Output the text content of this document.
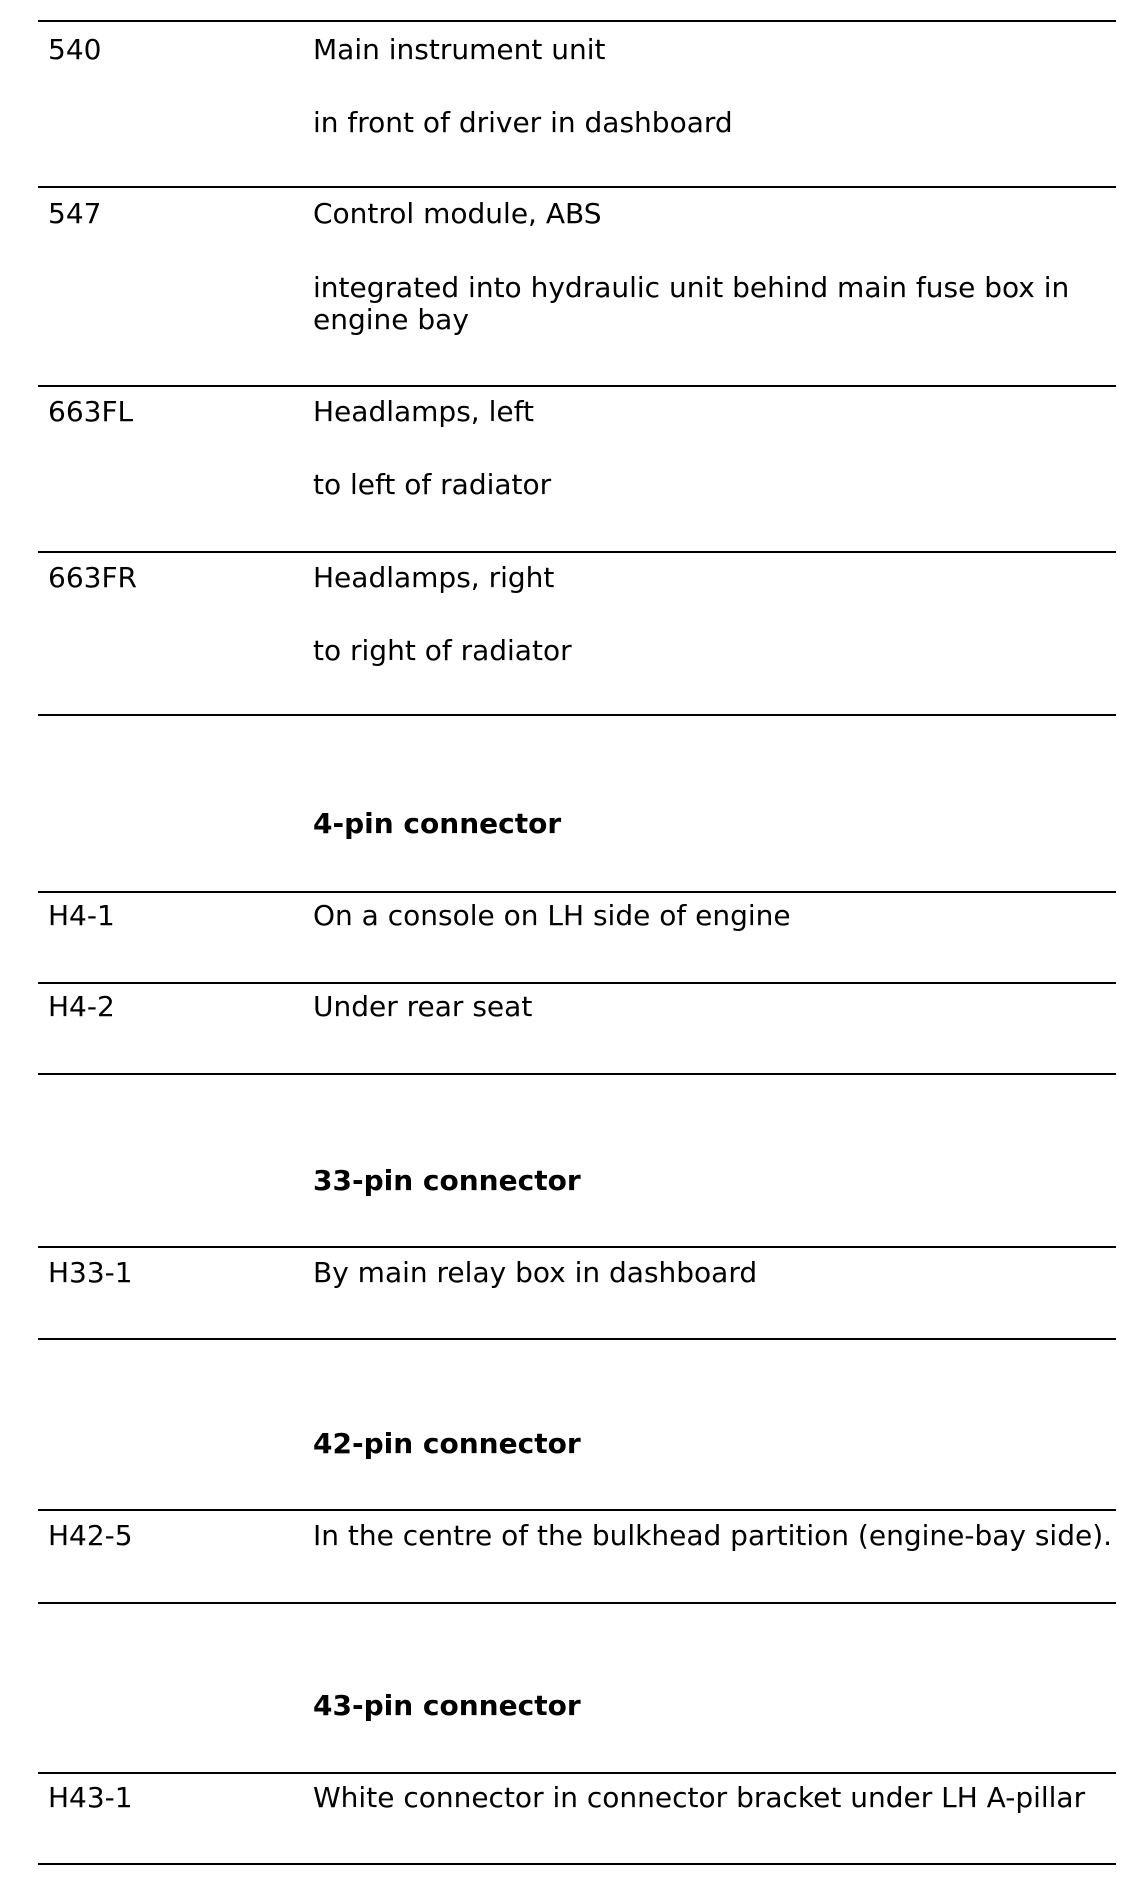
540	Main instrument unit
in front of driver in dashboard
547	Control module, ABS
integrated into hydraulic unit behind main fuse box in engine bay
663FL	Headlamps, left
to left of radiator
663FR	Headlamps, right
to right of radiator
4-pin connector
H4-1	On a console on LH side of engine
H4-2	Under rear seat
33-pin connector
H33-1	By main relay box in dashboard
42-pin connector
H42-5	In the centre of the bulkhead partition (engine-bay side).
43-pin connector
H43-1	White connector in connector bracket under LH A-pillar
